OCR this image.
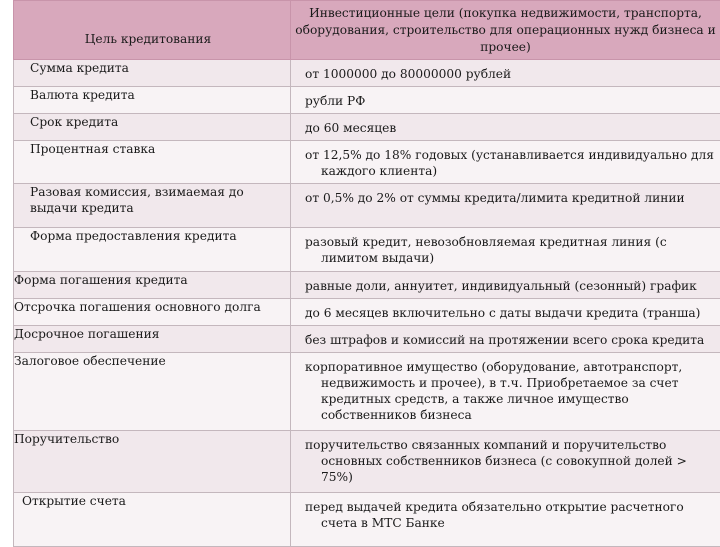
Цель кредитования	Инвестиционные цели (покупка недвижимости, транспорта, оборудования, строительство для операционных нужд бизнеса и прочее)

Сумма кредита	от 1000000 до 80000000 рублей

Валюта кредита	рубли РФ

Срок кредита	до 60 месяцев

Процентная ставка	от 12,5% до 18% годовых (устанавливается индивидуально для каждого клиента)

Разовая комиссия, взимаемая до выдачи кредита	от 0,5% до 2% от суммы кредита/лимита кредитной линии

Форма предоставления кредита	разовый кредит, невозобновляемая кредитная линия (с лимитом выдачи)

Форма погашения кредита	равные доли, аннуитет, индивидуальный (сезонный) график

Отсрочка погашения основного долга	до 6 месяцев включительно с даты выдачи кредита (транша)

Досрочное погашения	без штрафов и комиссий на протяжении всего срока кредита

Залоговое обеспечение	корпоративное имущество (оборудование, автотранспорт, недвижимость и прочее), в т.ч. Приобретаемое за счет кредитных средств, а также личное имущество собственников бизнеса

Поручительство	поручительство связанных компаний и поручительство основных собственников бизнеса (с совокупной долей > 75%)

Открытие счета	перед выдачей кредита обязательно открытие расчетного счета в МТС Банке
